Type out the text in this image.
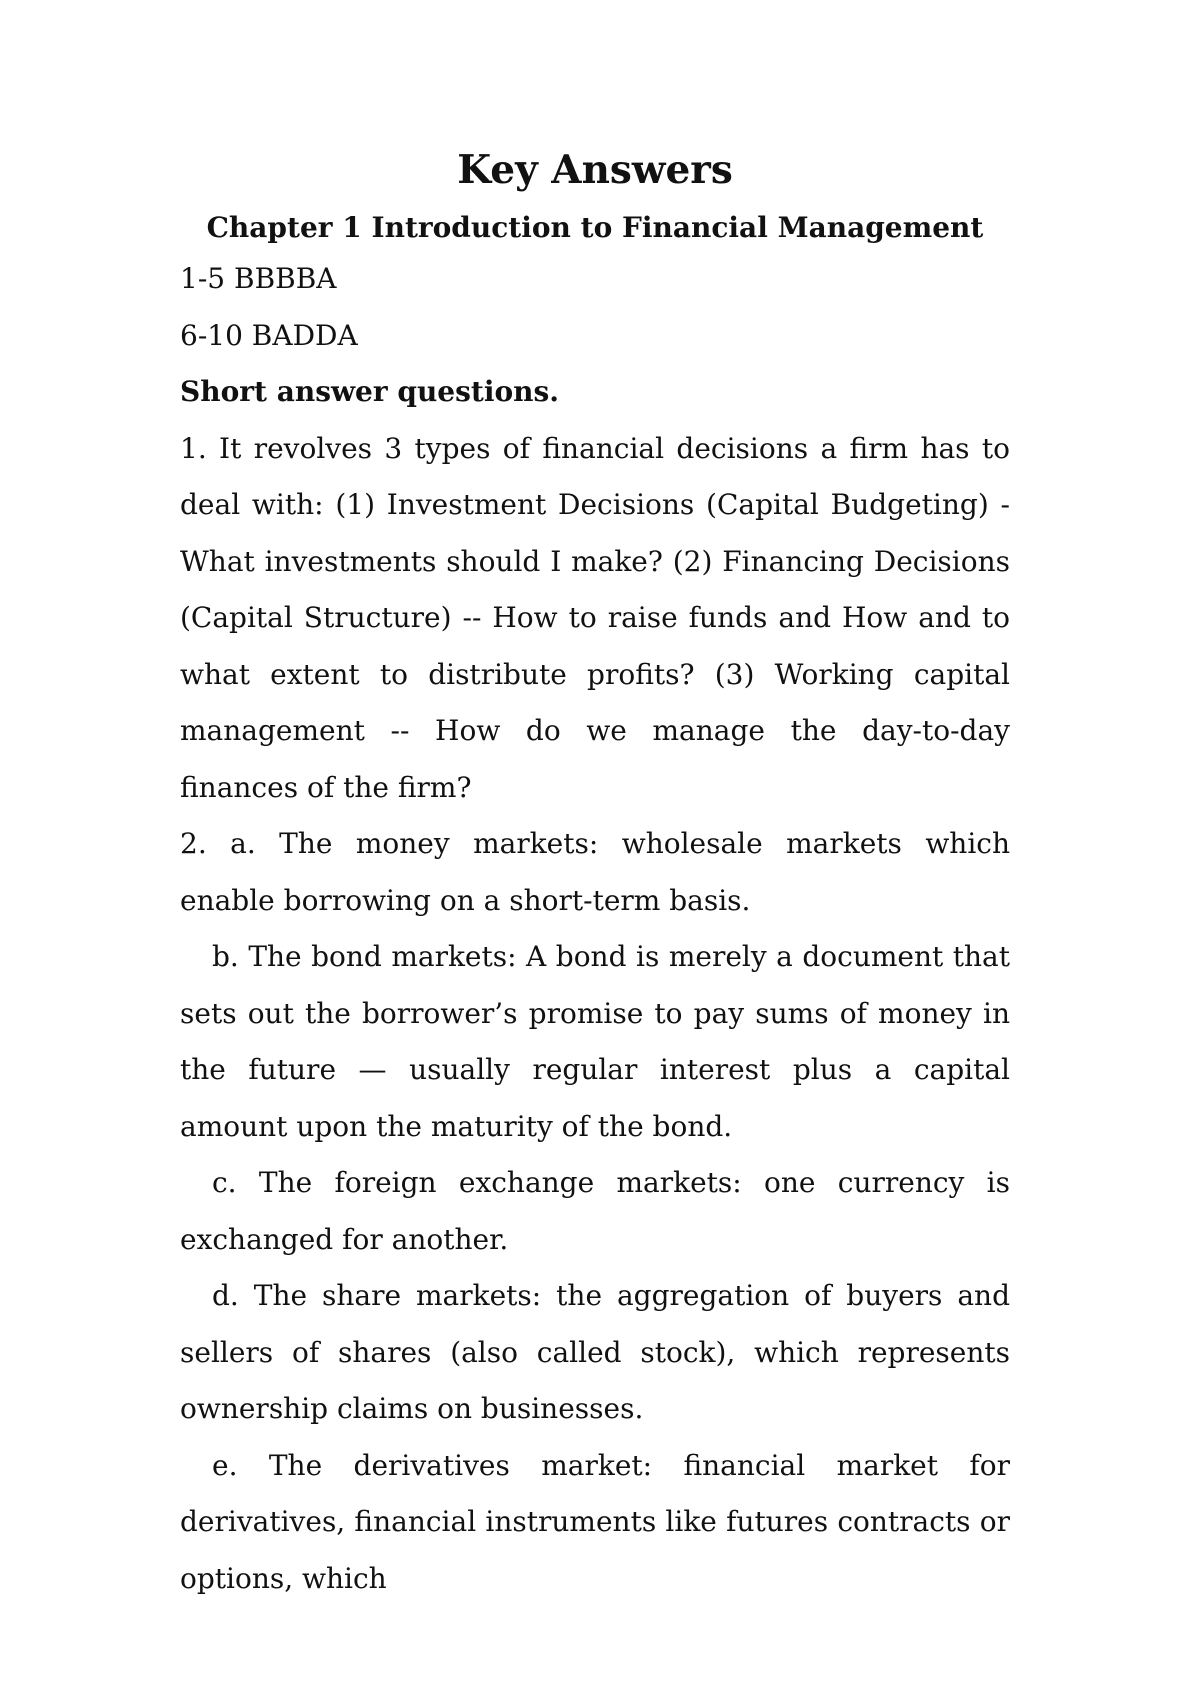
Key Answers
Chapter 1 Introduction to Financial Management

1-5 BBBBA

6-10 BADDA

Short answer questions.

1. It revolves 3 types of financial decisions a firm has to deal with: (1) Investment Decisions (Capital Budgeting) - What investments should I make? (2) Financing Decisions (Capital Structure) -- How to raise funds and How and to what extent to distribute profits? (3) Working capital management -- How do we manage the day-to-day finances of the firm?

2. a. The money markets: wholesale markets which enable borrowing on a short-term basis.

b. The bond markets: A bond is merely a document that sets out the borrower’s promise to pay sums of money in the future — usually regular interest plus a capital amount upon the maturity of the bond.

c. The foreign exchange markets: one currency is exchanged for another.

d. The share markets: the aggregation of buyers and sellers of shares (also called stock), which represents ownership claims on businesses.

e. The derivatives market: financial market for derivatives, financial instruments like futures contracts or options, which
